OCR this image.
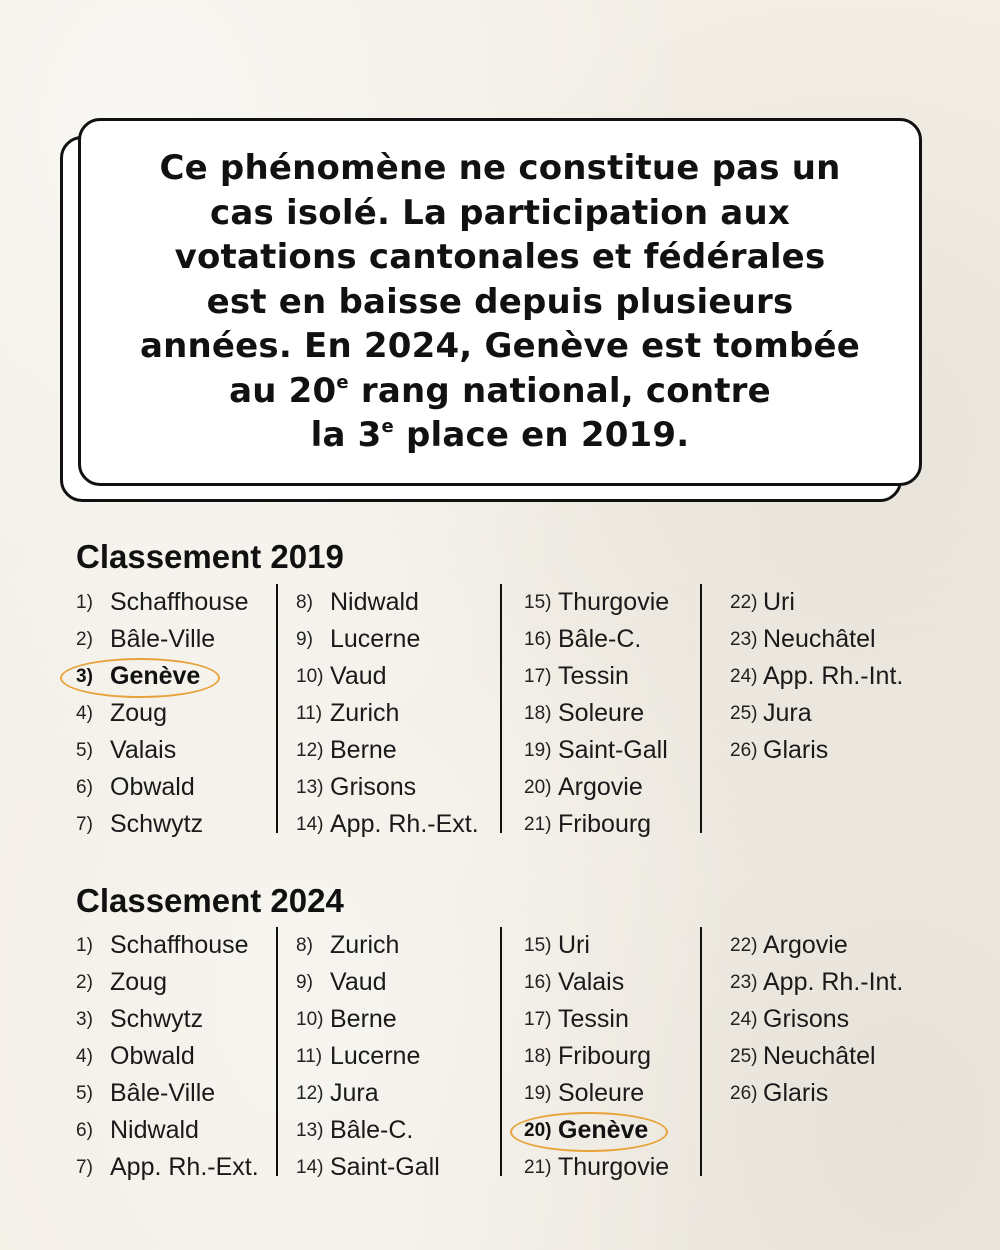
Ce phénomène ne constitue pas un
cas isolé. La participation aux
votations cantonales et fédérales
est en baisse depuis plusieurs
années. En 2024, Genève est tombée
au 20e rang national, contre
la 3e place en 2019.

Classement 2019
1) Schaffhouse
2) Bâle-Ville
3) Genève
4) Zoug
5) Valais
6) Obwald
7) Schwytz
8) Nidwald
9) Lucerne
10) Vaud
11) Zurich
12) Berne
13) Grisons
14) App. Rh.-Ext.
15) Thurgovie
16) Bâle-C.
17) Tessin
18) Soleure
19) Saint-Gall
20) Argovie
21) Fribourg
22) Uri
23) Neuchâtel
24) App. Rh.-Int.
25) Jura
26) Glaris
Classement 2024
1) Schaffhouse
2) Zoug
3) Schwytz
4) Obwald
5) Bâle-Ville
6) Nidwald
7) App. Rh.-Ext.
8) Zurich
9) Vaud
10) Berne
11) Lucerne
12) Jura
13) Bâle-C.
14) Saint-Gall
15) Uri
16) Valais
17) Tessin
18) Fribourg
19) Soleure
20) Genève
21) Thurgovie
22) Argovie
23) App. Rh.-Int.
24) Grisons
25) Neuchâtel
26) Glaris
